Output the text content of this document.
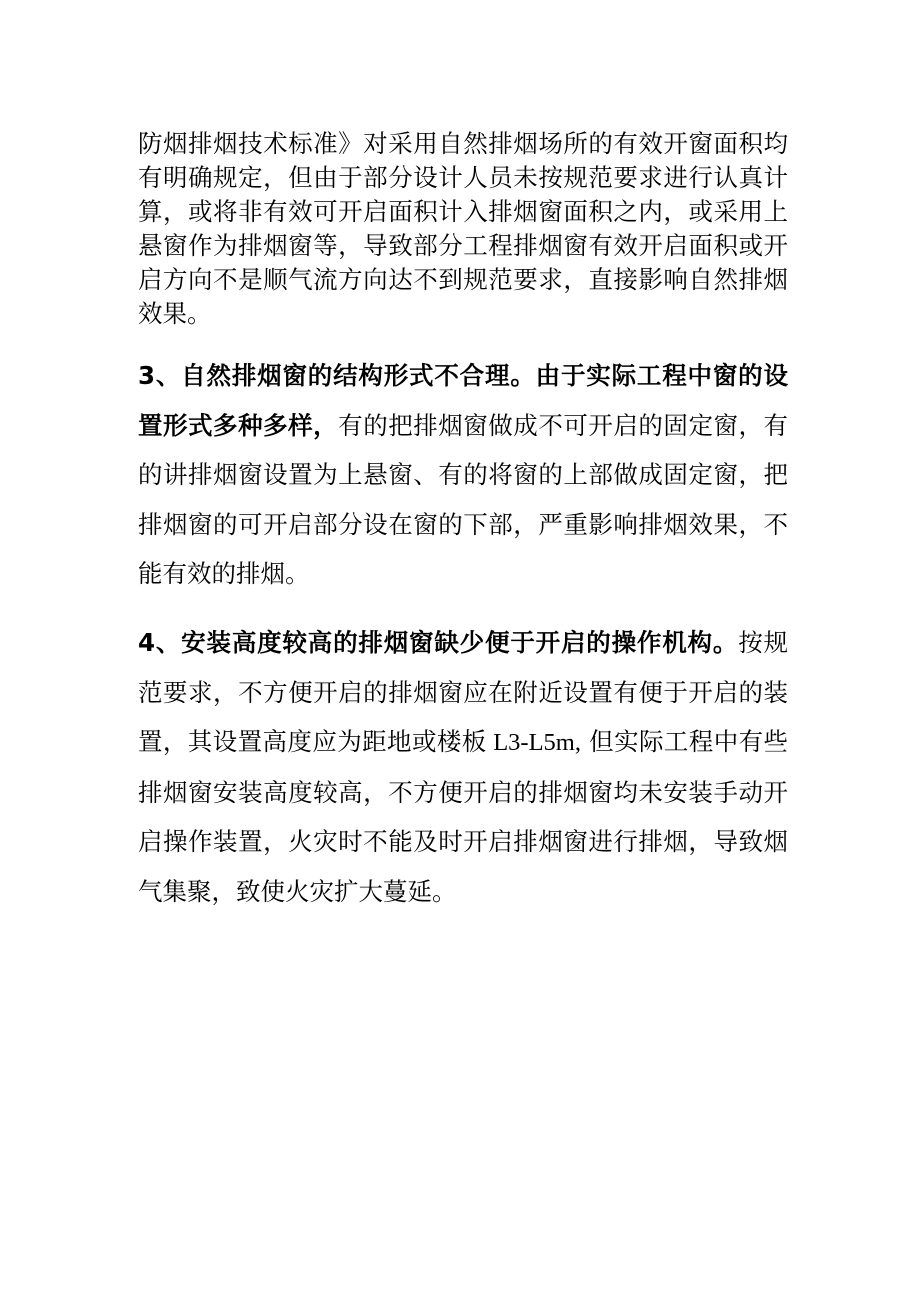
防烟排烟技术标准》对采用自然排烟场所的有效开窗面积均有明确规定，但由于部分设计人员未按规范要求进行认真计算，或将非有效可开启面积计入排烟窗面积之内，或采用上悬窗作为排烟窗等，导致部分工程排烟窗有效开启面积或开启方向不是顺气流方向达不到规范要求，直接影响自然排烟效果。

3、自然排烟窗的结构形式不合理。由于实际工程中窗的设置形式多种多样，有的把排烟窗做成不可开启的固定窗，有的讲排烟窗设置为上悬窗、有的将窗的上部做成固定窗，把排烟窗的可开启部分设在窗的下部，严重影响排烟效果，不能有效的排烟。

4、安装高度较高的排烟窗缺少便于开启的操作机构。按规范要求，不方便开启的排烟窗应在附近设置有便于开启的装置，其设置高度应为距地或楼板 L3-L5m, 但实际工程中有些排烟窗安装高度较高，不方便开启的排烟窗均未安装手动开启操作装置，火灾时不能及时开启排烟窗进行排烟，导致烟气集聚，致使火灾扩大蔓延。
